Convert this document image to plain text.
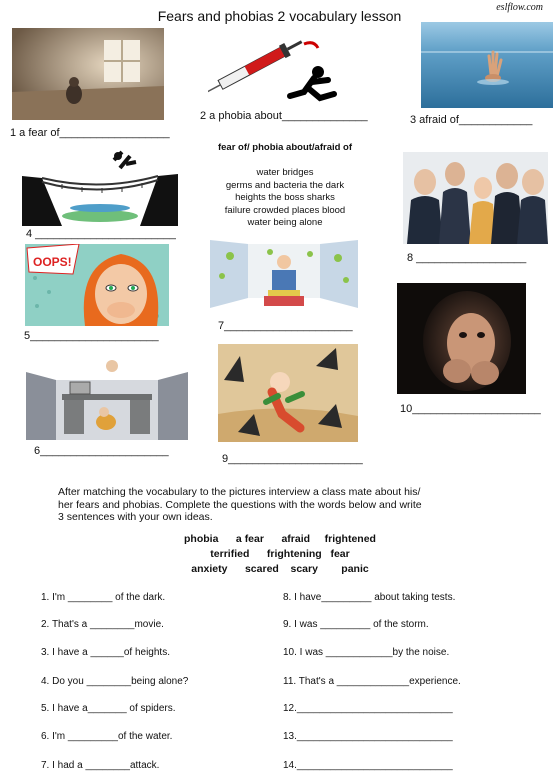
Fears and phobias 2 vocabulary lesson
eslflow.com
1 a fear of__________________
2 a phobia about______________	3 afraid of____________
fear of/ phobia about/afraid of
water bridges
germs and bacteria the dark
heights the boss sharks
failure crowded places blood
water being alone
4 _______________________
OOPS!
5_____________________
6_____________________
7_____________________
8 __________________
9______________________
10_____________________
After matching the vocabulary to the pictures interview a class mate about his/
her fears and phobias. Complete the questions with the words below and write
3 sentences with your own ideas.
phobia      a fear      afraid     frightened
terrified      frightening   fear
anxiety      scared    scary        panic
1. I'm ________ of the dark.
2. That's a ________movie.
3. I have a ______of heights.
4. Do you ________being alone?
5. I have a_______ of spiders.
6. I'm _________of the water.
7. I had a ________attack.
8. I have_________ about taking tests.
9. I was _________ of the storm.
10. I was ____________by the noise.
11. That's a _____________experience.
12.____________________________
13.____________________________
14.____________________________
